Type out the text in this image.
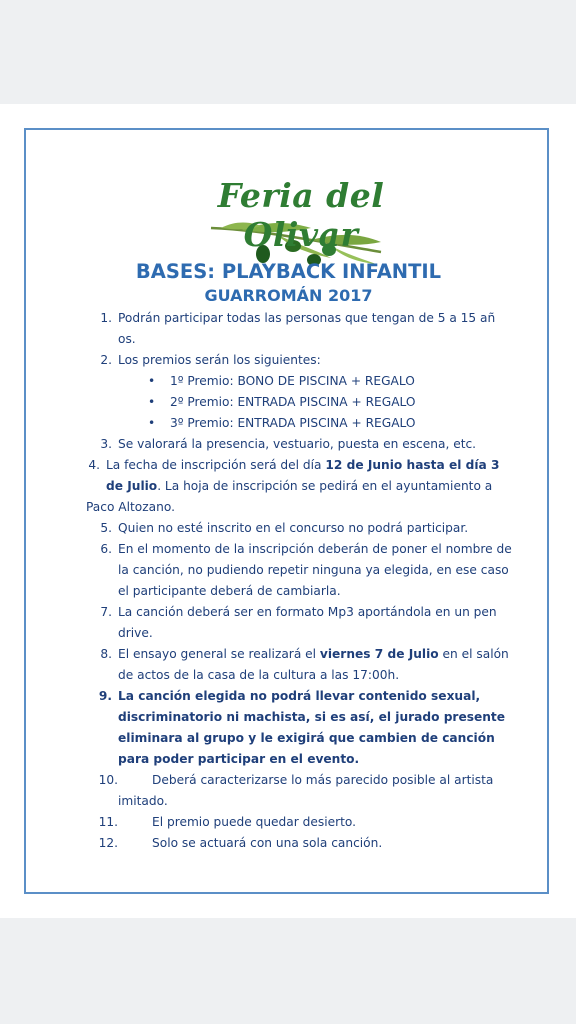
Feria del Olivar
BASES: PLAYBACK INFANTIL
GUARROMÁN 2017
1. Podrán participar todas las personas que tengan de 5 a 15 añ
os.
2. Los premios serán los siguientes:
• 1º Premio: BONO DE PISCINA + REGALO
• 2º Premio: ENTRADA PISCINA + REGALO
• 3º Premio: ENTRADA PISCINA + REGALO
3. Se valorará la presencia, vestuario, puesta en escena, etc.
4. La fecha de inscripción será del día 12 de Junio hasta el día 3
de Julio. La hoja de inscripción se pedirá en el ayuntamiento a
Paco Altozano.
5. Quien no esté inscrito en el concurso no podrá participar.
6. En el momento de la inscripción deberán de poner el nombre de
la canción, no pudiendo repetir ninguna ya elegida, en ese caso
el participante deberá de cambiarla.
7. La canción deberá ser en formato Mp3 aportándola en un pen
drive.
8. El ensayo general se realizará el viernes 7 de Julio en el salón
de actos de la casa de la cultura a las 17:00h.
9. La canción elegida no podrá llevar contenido sexual,
discriminatorio ni machista, si es así, el jurado presente
eliminara al grupo y le exigirá que cambien de canción
para poder participar en el evento.
10.	Deberá caracterizarse lo más parecido posible al artista
imitado.
11.	El premio puede quedar desierto.
12.	Solo se actuará con una sola canción.
